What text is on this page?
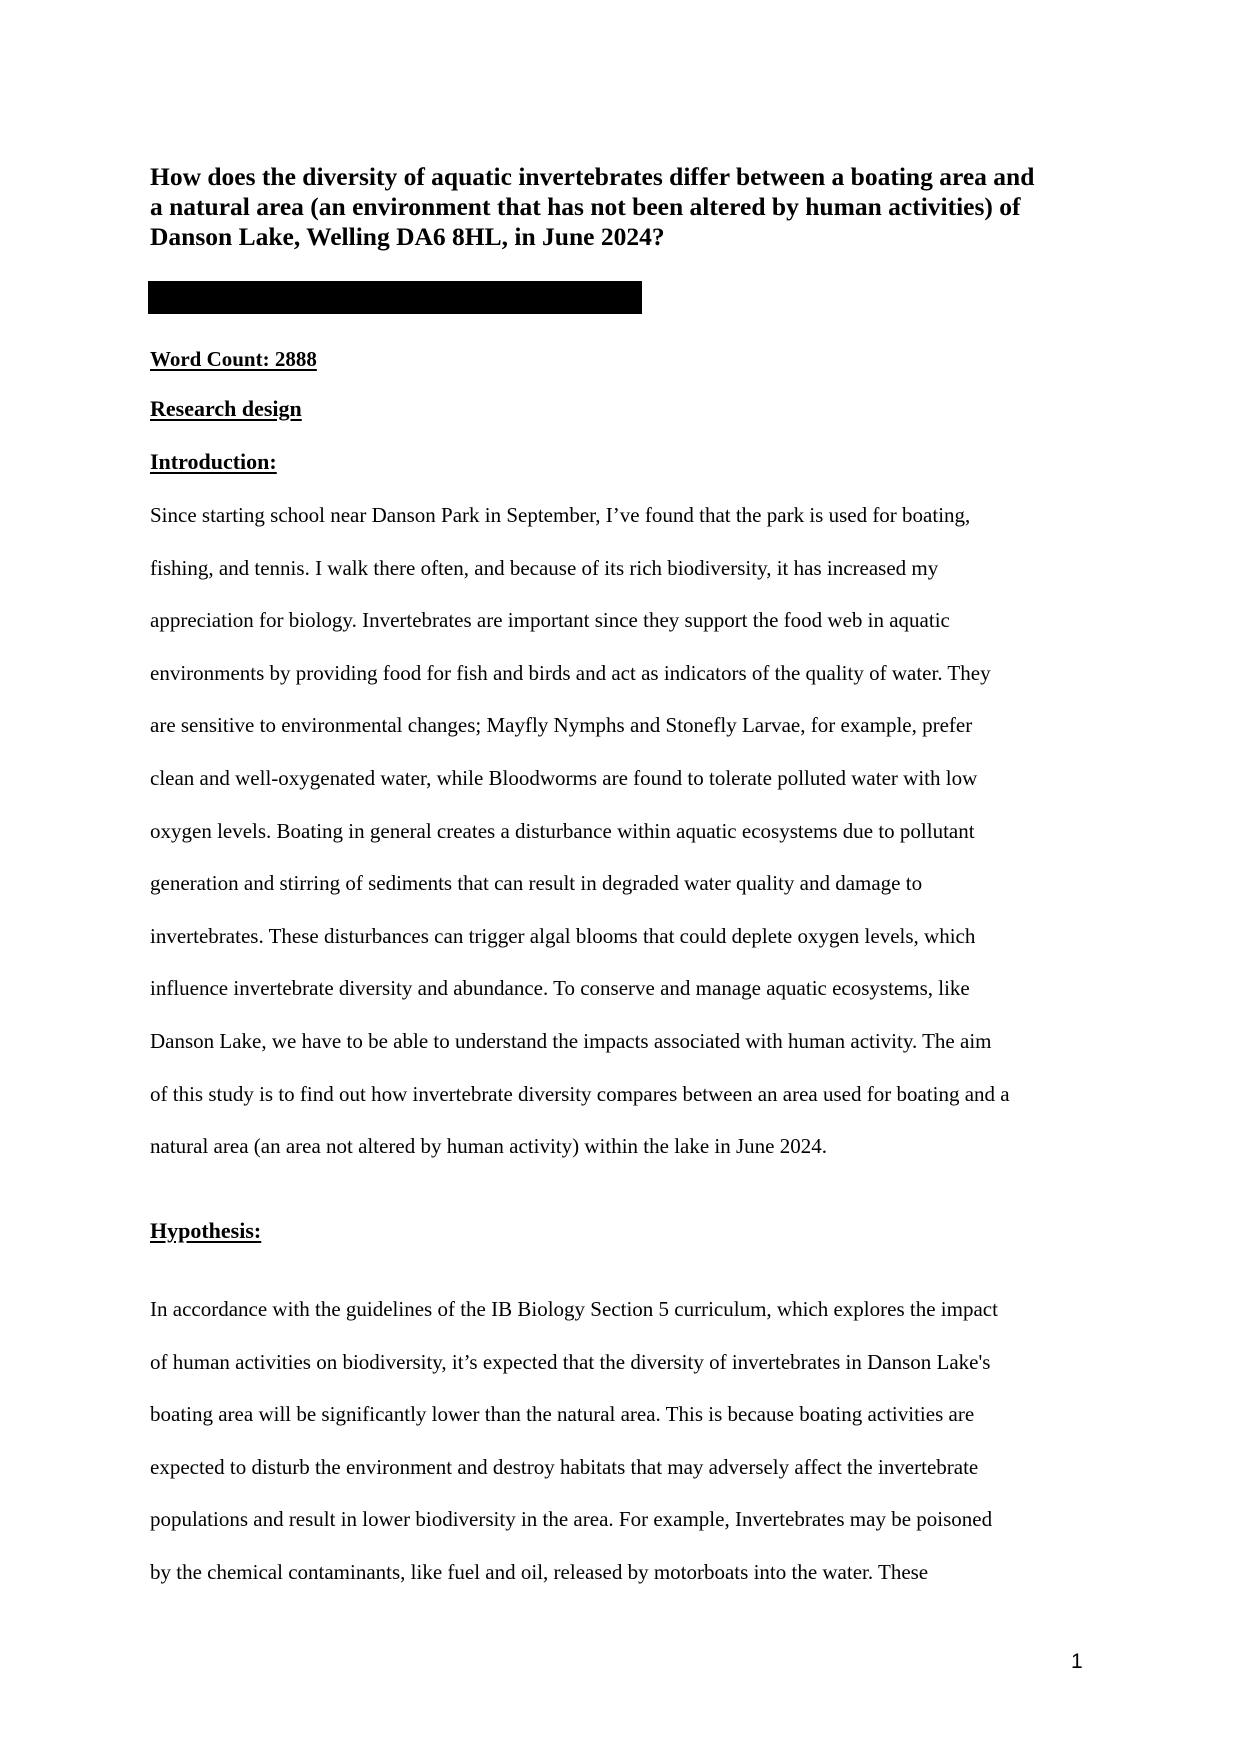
How does the diversity of aquatic invertebrates differ between a boating area and
a natural area (an environment that has not been altered by human activities) of
Danson Lake, Welling DA6 8HL, in June 2024?

Word Count: 2888

Research design
Introduction:
Since starting school near Danson Park in September, I’ve found that the park is used for boating,
fishing, and tennis. I walk there often, and because of its rich biodiversity, it has increased my
appreciation for biology. Invertebrates are important since they support the food web in aquatic
environments by providing food for fish and birds and act as indicators of the quality of water. They
are sensitive to environmental changes; Mayfly Nymphs and Stonefly Larvae, for example, prefer
clean and well-oxygenated water, while Bloodworms are found to tolerate polluted water with low
oxygen levels. Boating in general creates a disturbance within aquatic ecosystems due to pollutant
generation and stirring of sediments that can result in degraded water quality and damage to
invertebrates. These disturbances can trigger algal blooms that could deplete oxygen levels, which
influence invertebrate diversity and abundance. To conserve and manage aquatic ecosystems, like
Danson Lake, we have to be able to understand the impacts associated with human activity. The aim
of this study is to find out how invertebrate diversity compares between an area used for boating and a
natural area (an area not altered by human activity) within the lake in June 2024.
Hypothesis:
In accordance with the guidelines of the IB Biology Section 5 curriculum, which explores the impact
of human activities on biodiversity, it’s expected that the diversity of invertebrates in Danson Lake's
boating area will be significantly lower than the natural area. This is because boating activities are
expected to disturb the environment and destroy habitats that may adversely affect the invertebrate
populations and result in lower biodiversity in the area. For example, Invertebrates may be poisoned
by the chemical contaminants, like fuel and oil, released by motorboats into the water. These
1
